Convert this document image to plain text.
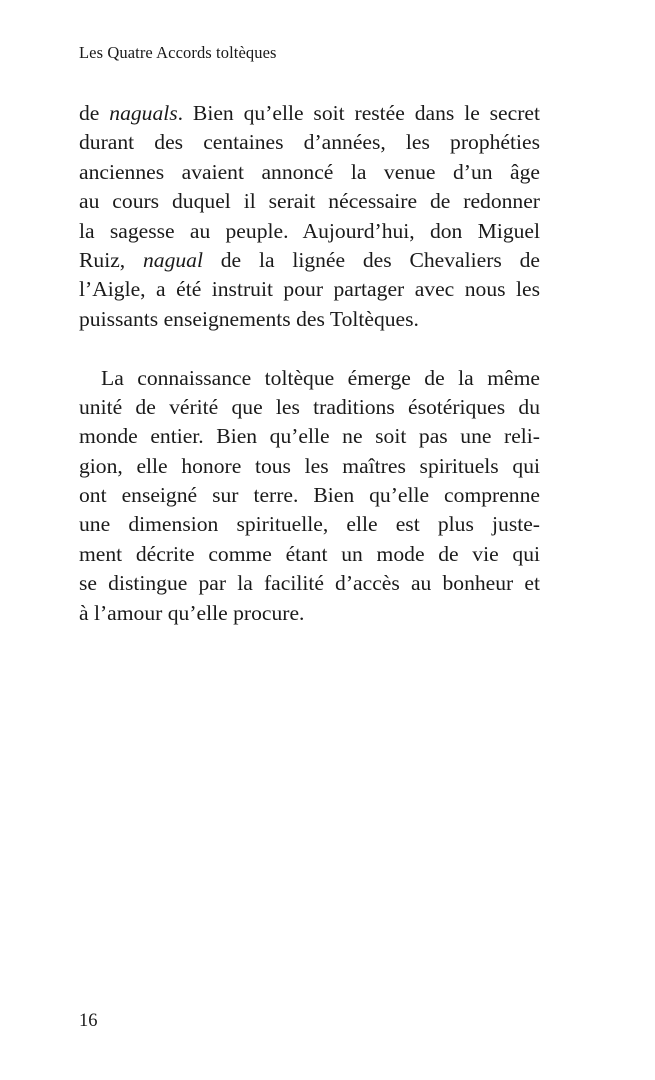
Les Quatre Accords toltèques
de naguals. Bien qu’elle soit restée dans le secret
durant des centaines d’années, les prophéties
anciennes avaient annoncé la venue d’un âge
au cours duquel il serait nécessaire de redonner
la sagesse au peuple. Aujourd’hui, don Miguel
Ruiz, nagual de la lignée des Chevaliers de
l’Aigle, a été instruit pour partager avec nous les
puissants enseignements des Toltèques.
La connaissance toltèque émerge de la même
unité de vérité que les traditions ésotériques du
monde entier. Bien qu’elle ne soit pas une reli-
gion, elle honore tous les maîtres spirituels qui
ont enseigné sur terre. Bien qu’elle comprenne
une dimension spirituelle, elle est plus juste-
ment décrite comme étant un mode de vie qui
se distingue par la facilité d’accès au bonheur et
à l’amour qu’elle procure.
16
